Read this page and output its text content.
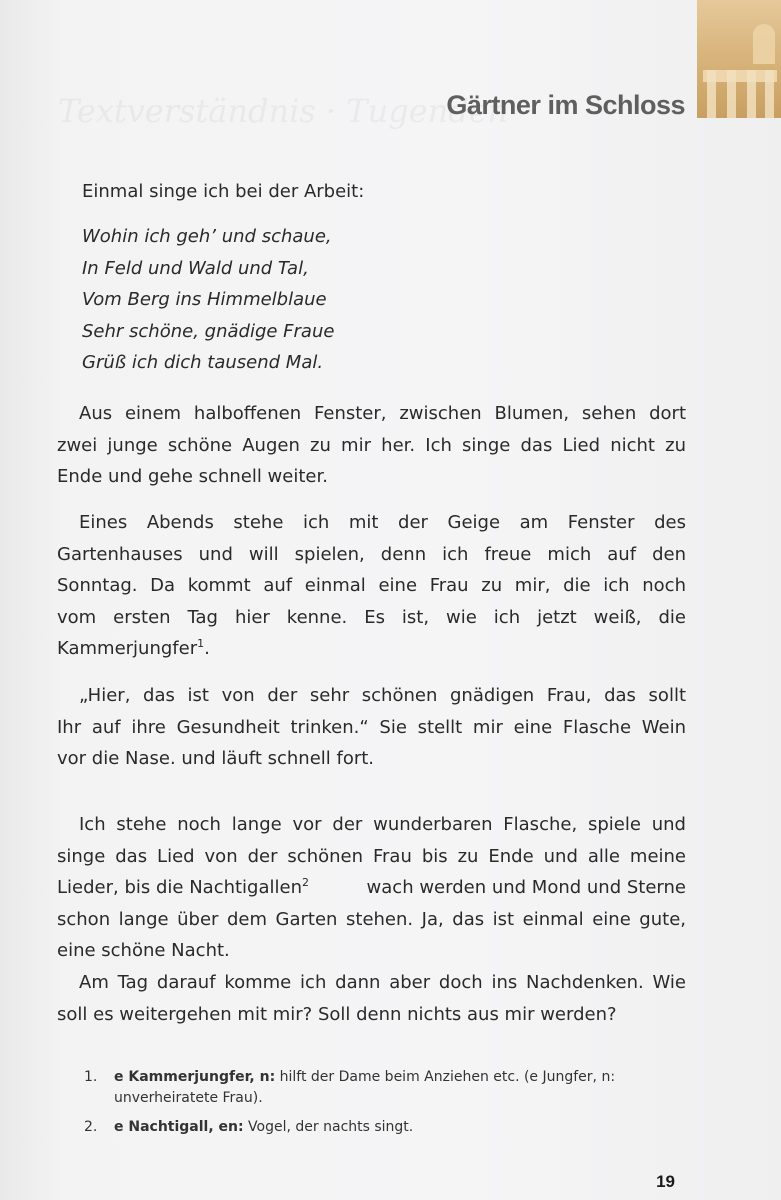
Textverständnis · Tugenden
Gärtner im Schloss
Einmal singe ich bei der Arbeit:
Wohin ich geh’ und schaue,
In Feld und Wald und Tal,
Vom Berg ins Himmelblaue
Sehr schöne, gnädige Fraue
Grüß ich dich tausend Mal.
Aus einem halboffenen Fenster, zwischen Blumen, sehen dort
zwei junge schöne Augen zu mir her. Ich singe das Lied nicht zu
Ende und gehe schnell weiter.
Eines Abends stehe ich mit der Geige am Fenster des
Gartenhauses und will spielen, denn ich freue mich auf den
Sonntag. Da kommt auf einmal eine Frau zu mir, die ich noch
vom ersten Tag hier kenne. Es ist, wie ich jetzt weiß, die
Kammerjungfer$^1$.
„Hier, das ist von der sehr schönen gnädigen Frau, das sollt
Ihr auf ihre Gesundheit trinken.“ Sie stellt mir eine Flasche Wein
vor die Nase. und läuft schnell fort.
Ich stehe noch lange vor der wunderbaren Flasche, spiele und
singe das Lied von der schönen Frau bis zu Ende und alle meine
Lieder, bis die Nachtigallen$^2$	wach werden und Mond und Sterne
schon lange über dem Garten stehen. Ja, das ist einmal eine gute,
eine schöne Nacht.
Am Tag darauf komme ich dann aber doch ins Nachdenken. Wie
soll es weitergehen mit mir? Soll denn nichts aus mir werden?
1. e Kammerjungfer, n: hilft der Dame beim Anziehen etc. (e Jungfer, n: unverheiratete Frau).
2. e Nachtigall, en: Vogel, der nachts singt.
19
